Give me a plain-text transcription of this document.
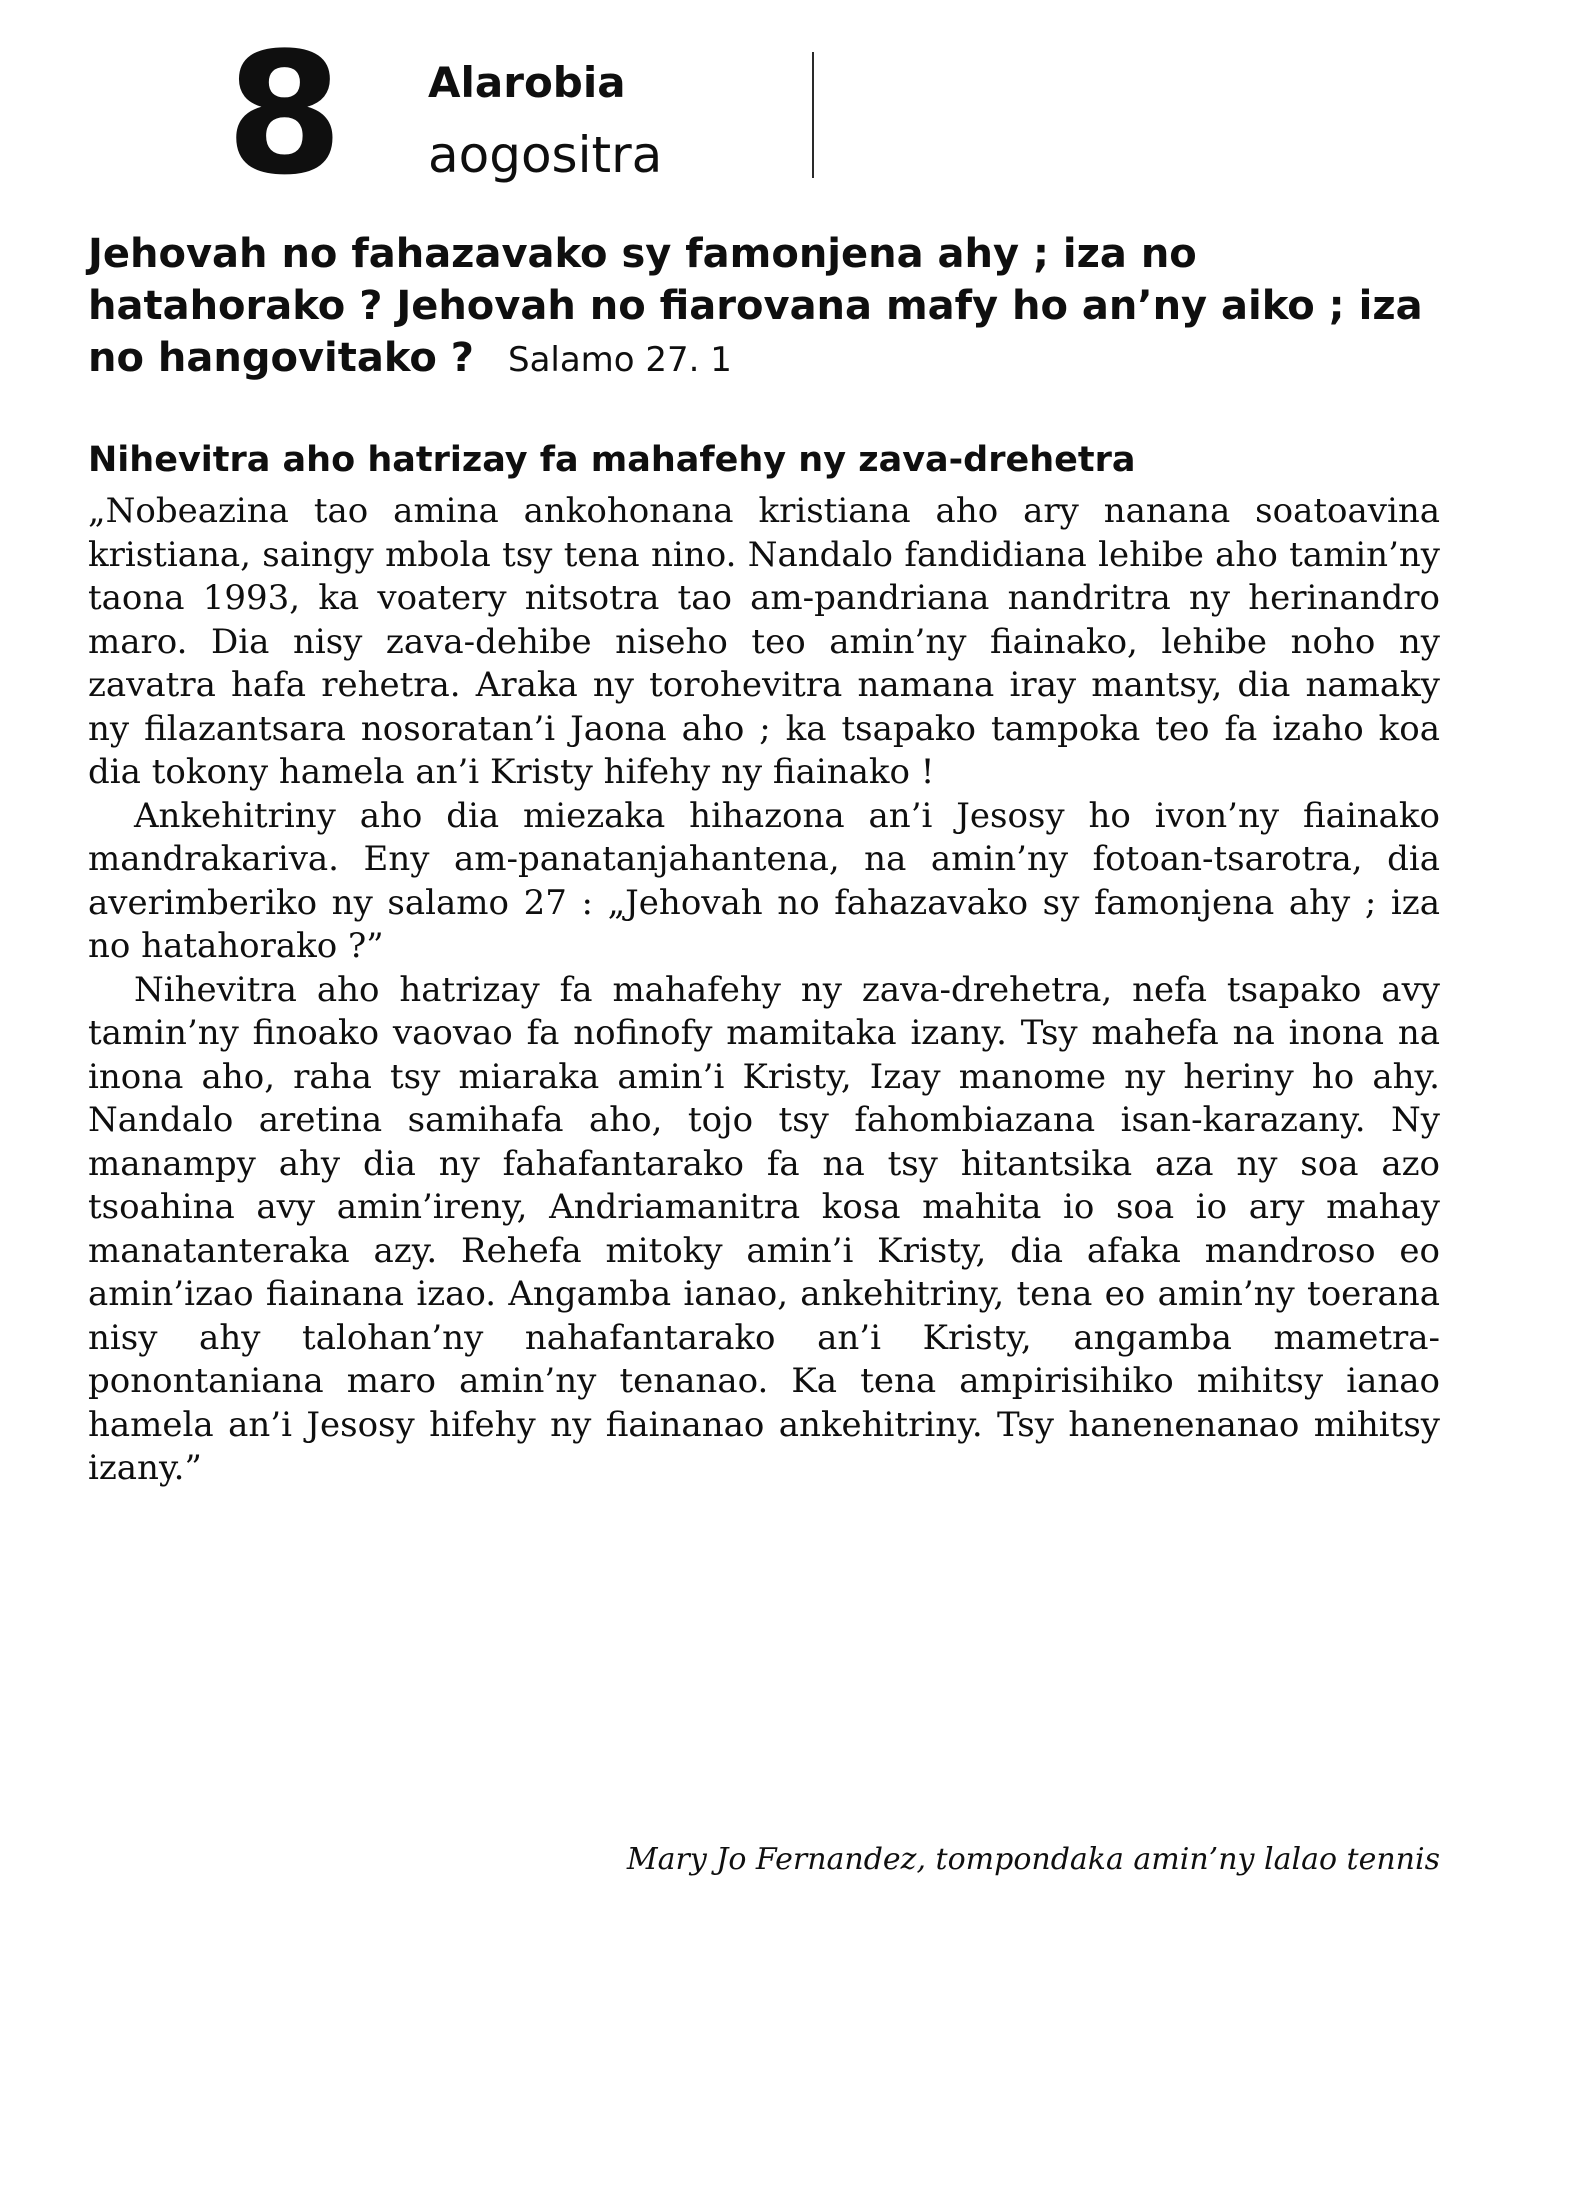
8 Alarobia
aogositra

Jehovah no fahazavako sy famonjena ahy ; iza no hatahorako ? Jehovah no fiarovana mafy ho an’ny aiko ; iza no hangovitako ? Salamo 27. 1

Nihevitra aho hatrizay fa mahafehy ny zava-drehetra

„Nobeazina tao amina ankohonana kristiana aho ary nanana soatoavina kristiana, saingy mbola tsy tena nino. Nandalo fandidiana lehibe aho tamin’ny taona 1993, ka voatery nitsotra tao am-pandriana nandritra ny herinandro maro. Dia nisy zava-dehibe niseho teo amin’ny fiainako, lehibe noho ny zavatra hafa rehetra. Araka ny torohevitra namana iray mantsy, dia namaky ny filazantsara nosoratan’i Jaona aho ; ka tsapako tampoka teo fa izaho koa dia tokony hamela an’i Kristy hifehy ny fiainako !

Ankehitriny aho dia miezaka hihazona an’i Jesosy ho ivon’ny fiainako mandrakariva. Eny am-panatanjahantena, na amin’ny fotoan-tsarotra, dia averimberiko ny salamo 27 : „Jehovah no fahazavako sy famonjena ahy ; iza no hatahorako ?”

Nihevitra aho hatrizay fa mahafehy ny zava-drehetra, nefa tsapako avy tamin’ny finoako vaovao fa nofinofy mamitaka izany. Tsy mahefa na inona na inona aho, raha tsy miaraka amin’i Kristy, Izay manome ny heriny ho ahy. Nandalo aretina samihafa aho, tojo tsy fahombiazana isan-karazany. Ny manampy ahy dia ny fahafantarako fa na tsy hitantsika aza ny soa azo tsoahina avy amin’ireny, Andriamanitra kosa mahita io soa io ary mahay manatanteraka azy. Rehefa mitoky amin’i Kristy, dia afaka mandroso eo amin’izao fiainana izao. Angamba ianao, ankehitriny, tena eo amin’ny toerana nisy ahy talohan’ny nahafantarako an’i Kristy, angamba mametra-ponontaniana maro amin’ny tenanao. Ka tena ampirisihiko mihitsy ianao hamela an’i Jesosy hifehy ny fiainanao ankehitriny. Tsy hanenenanao mihitsy izany.”

Mary Jo Fernandez, tompondaka amin’ny lalao tennis
